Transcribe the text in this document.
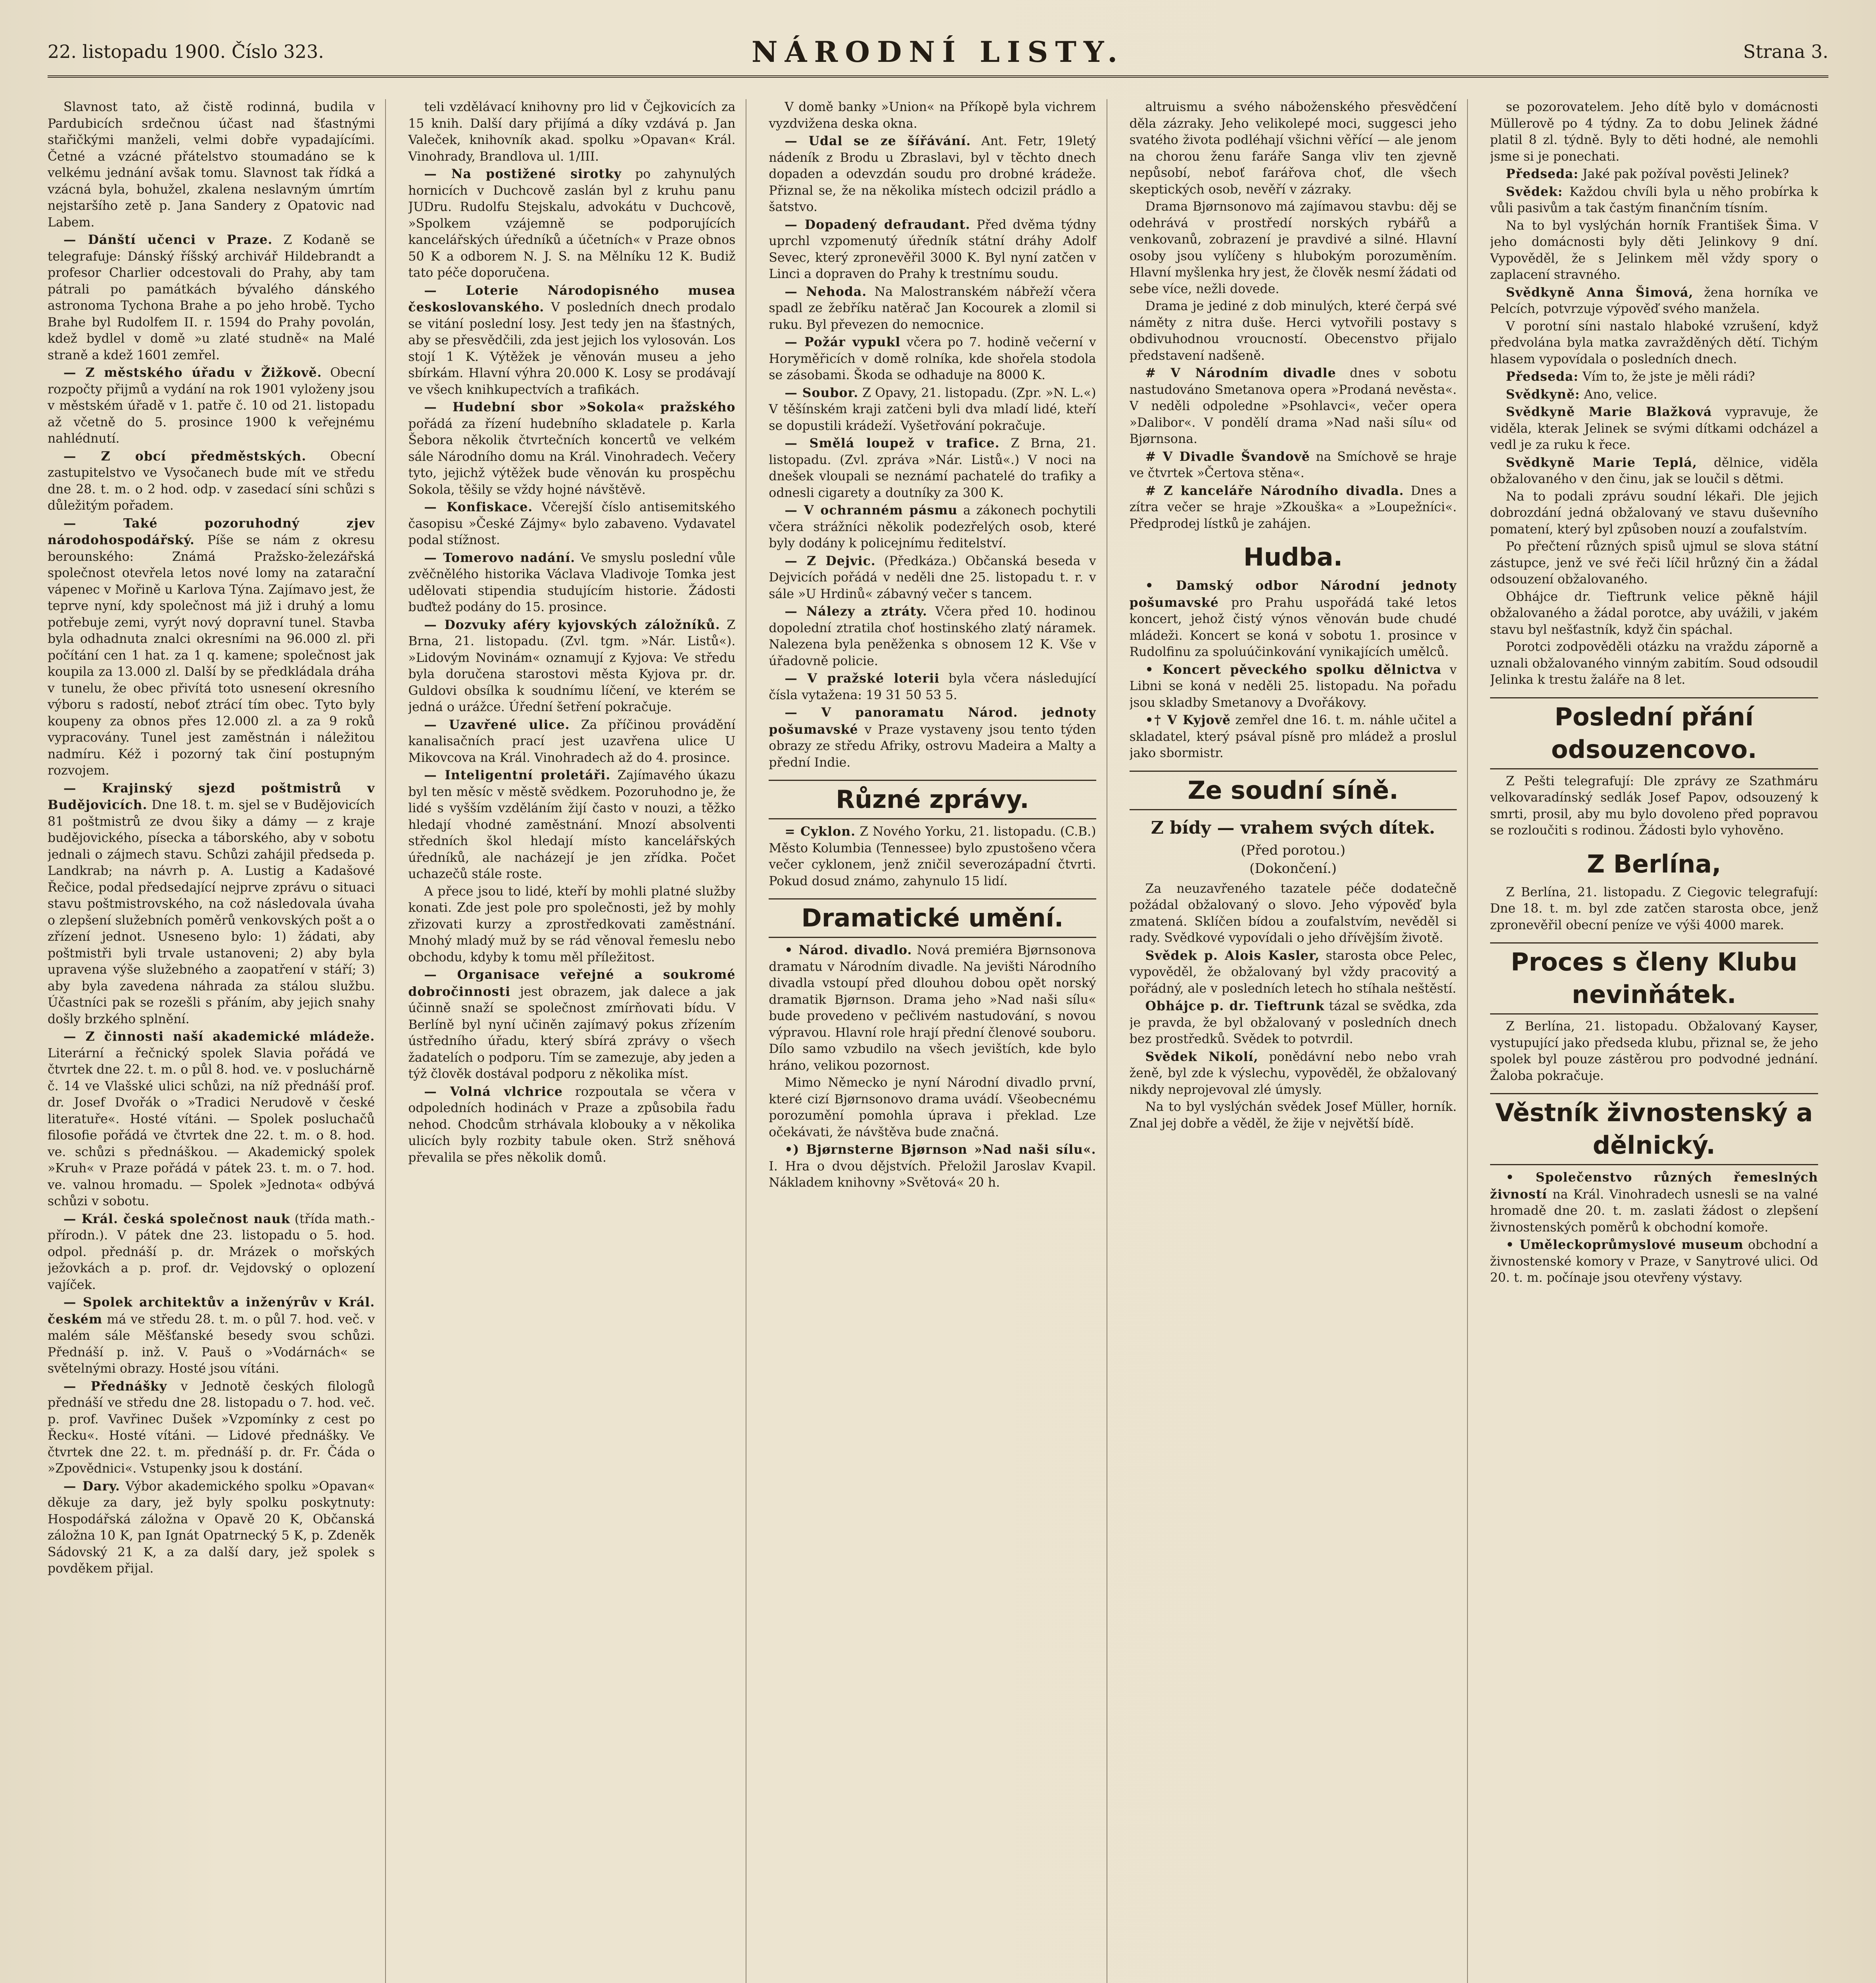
22. listopadu 1900. Číslo 323.	NÁRODNÍ LISTY.	Strana 3.

Slavnost tato, až čistě rodinná, budila v Pardubicích srdečnou účast nad šťastnými stařičkými manželi, velmi dobře vypadajícími. Četné a vzácné přátelstvo stoumadáno se k velkému jednání avšak tomu. Slavnost tak řídká a vzácná byla, bohužel, zkalena neslavným úmrtím nejstaršího zetě p. Jana Sandery z Opatovic nad Labem.

— Dánští učenci v Praze. Z Kodaně se telegrafuje: Dánský říšský archivář Hildebrandt a profesor Charlier odcestovali do Prahy, aby tam pátrali po památkách bývalého dánského astronoma Tychona Brahe a po jeho hrobě. Tycho Brahe byl Rudolfem II. r. 1594 do Prahy povolán, kdež bydlel v domě »u zlaté studně« na Malé straně a kdež 1601 zemřel.

— Z městského úřadu v Žižkově. Obecní rozpočty přijmů a vydání na rok 1901 vyloženy jsou v městském úřadě v 1. patře č. 10 od 21. listopadu až včetně do 5. prosince 1900 k veřejnému nahlédnutí.

— Z obcí předměstských. Obecní zastupitelstvo ve Vysočanech bude mít ve středu dne 28. t. m. o 2 hod. odp. v zasedací síni schůzi s důležitým pořadem.

— Také pozoruhodný zjev národohospodářský. Píše se nám z okresu berounského: Známá Pražsko-železářská společnost otevřela letos nové lomy na zatarační vápenec v Mořině u Karlova Týna. Zajímavo jest, že teprve nyní, kdy společnost má již i druhý a lomu potřebuje zemi, vyrýt nový dopravní tunel. Stavba byla odhadnuta znalci okresními na 96.000 zl. při počítání cen 1 hat. za 1 q. kamene; společnost jak koupila za 13.000 zl. Další by se předkládala dráha v tunelu, že obec přivítá toto usnesení okresního výboru s radostí, neboť ztrácí tím obec. Tyto byly koupeny za obnos přes 12.000 zl. a za 9 roků vypracovány. Tunel jest zaměstnán i náležitou nadmíru. Kéž i pozorný tak činí postupným rozvojem.

— Krajinský sjezd poštmistrů v Budějovicích. Dne 18. t. m. sjel se v Budějovicích 81 poštmistrů ze dvou šiky a dámy — z kraje budějovického, písecka a táborského, aby v sobotu jednali o zájmech stavu. Schůzi zahájil předseda p. Landkrab; na návrh p. A. Lustig a Kadašové Řečice, podal předsedající nejprve zprávu o situaci stavu poštmistrovského, na což následovala úvaha o zlepšení služebních poměrů venkovských pošt a o zřízení jednot. Usneseno bylo: 1) žádati, aby poštmistři byli trvale ustanoveni; 2) aby byla upravena výše služebného a zaopatření v stáří; 3) aby byla zavedena náhrada za stálou službu. Účastníci pak se rozešli s přáním, aby jejich snahy došly brzkého splnění.

— Z činnosti naší akademické mládeže. Literární a řečnický spolek Slavia pořádá ve čtvrtek dne 22. t. m. o půl 8. hod. ve. v posluchárně č. 14 ve Vlašské ulici schůzi, na níž přednáší prof. dr. Josef Dvořák o »Tradici Nerudově v české literatuře«. Hosté vítáni. — Spolek posluchačů filosofie pořádá ve čtvrtek dne 22. t. m. o 8. hod. ve. schůzi s přednáškou. — Akademický spolek »Kruh« v Praze pořádá v pátek 23. t. m. o 7. hod. ve. valnou hromadu. — Spolek »Jednota« odbývá schůzi v sobotu.

— Král. česká společnost nauk (třída math.-přírodn.). V pátek dne 23. listopadu o 5. hod. odpol. přednáší p. dr. Mrázek o mořských ježovkách a p. prof. dr. Vejdovský o oplození vajíček.

— Spolek architektův a inženýrův v Král. českém má ve středu 28. t. m. o půl 7. hod. več. v malém sále Měšťanské besedy svou schůzi. Přednáší p. inž. V. Pauš o »Vodárnách« se světelnými obrazy. Hosté jsou vítáni.

— Přednášky v Jednotě českých filologů přednáší ve středu dne 28. listopadu o 7. hod. več. p. prof. Vavřinec Dušek »Vzpomínky z cest po Řecku«. Hosté vítáni. — Lidové přednášky. Ve čtvrtek dne 22. t. m. přednáší p. dr. Fr. Čáda o »Zpovědnici«. Vstupenky jsou k dostání.

— Dary. Výbor akademického spolku »Opavan« děkuje za dary, jež byly spolku poskytnuty: Hospodářská záložna v Opavě 20 K, Občanská záložna 10 K, pan Ignát Opatrnecký 5 K, p. Zdeněk Sádovský 21 K, a za další dary, jež spolek s povděkem přijal.

teli vzdělávací knihovny pro lid v Čejkovicích za 15 knih. Další dary přijímá a díky vzdává p. Jan Valeček, knihovník akad. spolku »Opavan« Král. Vinohrady, Brandlova ul. 1/III.

— Na postižené sirotky po zahynulých hornicích v Duchcově zaslán byl z kruhu panu JUDru. Rudolfu Stejskalu, advokátu v Duchcově, »Spolkem vzájemně se podporujících kancelářských úředníků a účetních« v Praze obnos 50 K a odborem N. J. S. na Mělníku 12 K. Budiž tato péče doporučena.

— Loterie Národopisného musea českoslovanského. V posledních dnech prodalo se vitání poslední losy. Jest tedy jen na šťastných, aby se přesvědčili, zda jest jejich los vylosován. Los stojí 1 K. Výtěžek je věnován museu a jeho sbírkám. Hlavní výhra 20.000 K. Losy se prodávají ve všech knihkupectvích a trafikách.

— Hudební sbor »Sokola« pražského pořádá za řízení hudebního skladatele p. Karla Šebora několik čtvrtečních koncertů ve velkém sále Národního domu na Král. Vinohradech. Večery tyto, jejichž výtěžek bude věnován ku prospěchu Sokola, těšily se vždy hojné návštěvě.

— Konfiskace. Včerejší číslo antisemitského časopisu »České Zájmy« bylo zabaveno. Vydavatel podal stížnost.

— Tomerovo nadání. Ve smyslu poslední vůle zvěčnělého historika Václava Vladivoje Tomka jest udělovati stipendia studujícím historie. Žádosti buďtež podány do 15. prosince.

— Dozvuky aféry kyjovských záložníků. Z Brna, 21. listopadu. (Zvl. tgm. »Nár. Listů«). »Lidovým Novinám« oznamují z Kyjova: Ve středu byla doručena starostovi města Kyjova pr. dr. Guldovi obsílka k soudnímu líčení, ve kterém se jedná o urážce. Úřední šetření pokračuje.

— Uzavřené ulice. Za příčinou provádění kanalisačních prací jest uzavřena ulice U Mikovcova na Král. Vinohradech až do 4. prosince.

— Inteligentní proletáři. Zajímavého úkazu byl ten měsíc v městě svědkem. Pozoruhodno je, že lidé s vyšším vzděláním žijí často v nouzi, a těžko hledají vhodné zaměstnání. Mnozí absolventi středních škol hledají místo kancelářských úředníků, ale nacházejí je jen zřídka. Počet uchazečů stále roste.

A přece jsou to lidé, kteří by mohli platné služby konati. Zde jest pole pro společnosti, jež by mohly zřizovati kurzy a zprostředkovati zaměstnání. Mnohý mladý muž by se rád věnoval řemeslu nebo obchodu, kdyby k tomu měl příležitost.

— Organisace veřejné a soukromé dobročinnosti jest obrazem, jak dalece a jak účinně snaží se společnost zmírňovati bídu. V Berlíně byl nyní učiněn zajímavý pokus zřízením ústředního úřadu, který sbírá zprávy o všech žadatelích o podporu. Tím se zamezuje, aby jeden a týž člověk dostával podporu z několika míst.

— Volná vlchrice rozpoutala se včera v odpoledních hodinách v Praze a způsobila řadu nehod. Chodcům strhávala klobouky a v několika ulicích byly rozbity tabule oken. Strž sněhová převalila se přes několik domů.

V domě banky »Union« na Příkopě byla vichrem vyzdvižena deska okna.

— Udal se ze šířávání. Ant. Fetr, 19letý nádeník z Brodu u Zbraslavi, byl v těchto dnech dopaden a odevzdán soudu pro drobné krádeže. Přiznal se, že na několika místech odcizil prádlo a šatstvo.

— Dopadený defraudant. Před dvěma týdny uprchl vzpomenutý úředník státní dráhy Adolf Sevec, který zpronevěřil 3000 K. Byl nyní zatčen v Linci a dopraven do Prahy k trestnímu soudu.

— Nehoda. Na Malostranském nábřeží včera spadl ze žebříku natěrač Jan Kocourek a zlomil si ruku. Byl převezen do nemocnice.

— Požár vypukl včera po 7. hodině večerní v Horyměřicích v domě rolníka, kde shořela stodola se zásobami. Škoda se odhaduje na 8000 K.

— Soubor. Z Opavy, 21. listopadu. (Zpr. »N. L.«) V těšínském kraji zatčeni byli dva mladí lidé, kteří se dopustili krádeží. Vyšetřování pokračuje.

— Smělá loupež v trafice. Z Brna, 21. listopadu. (Zvl. zpráva »Nár. Listů«.) V noci na dnešek vloupali se neznámí pachatelé do trafiky a odnesli cigarety a doutníky za 300 K.

— V ochranném pásmu a zákonech pochytili včera strážníci několik podezřelých osob, které byly dodány k policejnímu ředitelství.

— Z Dejvic. (Předkáza.) Občanská beseda v Dejvicích pořádá v neděli dne 25. listopadu t. r. v sále »U Hrdinů« zábavný večer s tancem.

— Nálezy a ztráty. Včera před 10. hodinou dopolední ztratila choť hostinského zlatý náramek. Nalezena byla peněženka s obnosem 12 K. Vše v úřadovně policie.

— V pražské loterii byla včera následující čísla vytažena: 19 31 50 53 5.

— V panoramatu Národ. jednoty pošumavské v Praze vystaveny jsou tento týden obrazy ze středu Afriky, ostrovu Madeira a Malty a přední Indie.

Různé zprávy.

= Cyklon. Z Nového Yorku, 21. listopadu. (C.B.) Město Kolumbia (Tennessee) bylo zpustošeno včera večer cyklonem, jenž zničil severozápadní čtvrti. Pokud dosud známo, zahynulo 15 lidí.

Dramatické umění.

• Národ. divadlo. Nová premiéra Bjørnsonova dramatu v Národním divadle. Na jevišti Národního divadla vstoupí před dlouhou dobou opět norský dramatik Bjørnson. Drama jeho »Nad naši sílu« bude provedeno v pečlivém nastudování, s novou výpravou. Hlavní role hrají přední členové souboru. Dílo samo vzbudilo na všech jevištích, kde bylo hráno, velikou pozornost.

Mimo Německo je nyní Národní divadlo první, které cizí Bjørnsonovo drama uvádí. Všeobecnému porozumění pomohla úprava i překlad. Lze očekávati, že návštěva bude značná.

•) Bjørnsterne Bjørnson »Nad naši sílu«. I. Hra o dvou dějstvích. Přeložil Jaroslav Kvapil. Nákladem knihovny »Světová« 20 h.

altruismu a svého náboženského přesvědčení děla zázraky. Jeho velikolepé moci, suggesci jeho svatého života podléhají všichni věřící — ale jenom na chorou ženu faráře Sanga vliv ten zjevně nepůsobí, neboť farářova choť, dle všech skeptických osob, nevěří v zázraky.

Drama Bjørnsonovo má zajímavou stavbu: děj se odehrává v prostředí norských rybářů a venkovanů, zobrazení je pravdivé a silné. Hlavní osoby jsou vylíčeny s hlubokým porozuměním. Hlavní myšlenka hry jest, že člověk nesmí žádati od sebe více, nežli dovede.

Drama je jediné z dob minulých, které čerpá své náměty z nitra duše. Herci vytvořili postavy s obdivuhodnou vroucností. Obecenstvo přijalo představení nadšeně.

# V Národním divadle dnes v sobotu nastudováno Smetanova opera »Prodaná nevěsta«. V neděli odpoledne »Psohlavci«, večer opera »Dalibor«. V pondělí drama »Nad naši sílu« od Bjørnsona.

# V Divadle Švandově na Smíchově se hraje ve čtvrtek »Čertova stěna«.

# Z kanceláře Národního divadla. Dnes a zítra večer se hraje »Zkouška« a »Loupežníci«. Předprodej lístků je zahájen.

Hudba.

• Damský odbor Národní jednoty pošumavské pro Prahu uspořádá také letos koncert, jehož čistý výnos věnován bude chudé mládeži. Koncert se koná v sobotu 1. prosince v Rudolfinu za spoluúčinkování vynikajících umělců.

• Koncert pěveckého spolku dělnictva v Libni se koná v neděli 25. listopadu. Na pořadu jsou skladby Smetanovy a Dvořákovy.

•† V Kyjově zemřel dne 16. t. m. náhle učitel a skladatel, který psával písně pro mládež a proslul jako sbormistr.

Ze soudní síně.
Z bídy — vrahem svých dítek.
(Před porotou.)
(Dokončení.)

Za neuzavřeného tazatele péče dodatečně požádal obžalovaný o slovo. Jeho výpověď byla zmatená. Sklíčen bídou a zoufalstvím, nevěděl si rady. Svědkové vypovídali o jeho dřívějším životě.

Svědek p. Alois Kasler, starosta obce Pelec, vypověděl, že obžalovaný byl vždy pracovitý a pořádný, ale v posledních letech ho stíhala neštěstí.

Obhájce p. dr. Tieftrunk tázal se svědka, zda je pravda, že byl obžalovaný v posledních dnech bez prostředků. Svědek to potvrdil.

Svědek Nikolí, ponědávní nebo nebo vrah ženě, byl zde k výslechu, vypověděl, že obžalovaný nikdy neprojevoval zlé úmysly.

Na to byl vyslýchán svědek Josef Müller, horník. Znal jej dobře a věděl, že žije v největší bídě.

se pozorovatelem. Jeho dítě bylo v domácnosti Müllerově po 4 týdny. Za to dobu Jelinek žádné platil 8 zl. týdně. Byly to děti hodné, ale nemohli jsme si je ponechati.

Předseda: Jaké pak požíval pověsti Jelinek?

Svědek: Každou chvíli byla u něho probírka k vůli pasivům a tak častým finančním tísním.

Na to byl vyslýchán horník František Šima. V jeho domácnosti byly děti Jelinkovy 9 dní. Vypověděl, že s Jelinkem měl vždy spory o zaplacení stravného.

Svědkyně Anna Šimová, žena horníka ve Pelcích, potvrzuje výpověď svého manžela.

V porotní síni nastalo hlaboké vzrušení, když předvolána byla matka zavražděných dětí. Tichým hlasem vypovídala o posledních dnech.

Předseda: Vím to, že jste je měli rádi?

Svědkyně: Ano, velice.

Svědkyně Marie Blažková vypravuje, že viděla, kterak Jelinek se svými dítkami odcházel a vedl je za ruku k řece.

Svědkyně Marie Teplá, dělnice, viděla obžalovaného v den činu, jak se loučil s dětmi.

Na to podali zprávu soudní lékaři. Dle jejich dobrozdání jedná obžalovaný ve stavu duševního pomatení, který byl způsoben nouzí a zoufalstvím.

Po přečtení různých spisů ujmul se slova státní zástupce, jenž ve své řeči líčil hrůzný čin a žádal odsouzení obžalovaného.

Obhájce dr. Tieftrunk velice pěkně hájil obžalovaného a žádal porotce, aby uvážili, v jakém stavu byl nešťastník, když čin spáchal.

Porotci zodpověděli otázku na vraždu záporně a uznali obžalovaného vinným zabitím. Soud odsoudil Jelinka k trestu žaláře na 8 let.

Poslední přání odsouzencovo.

Z Pešti telegrafují: Dle zprávy ze Szathmáru velkovaradínský sedlák Josef Papov, odsouzený k smrti, prosil, aby mu bylo dovoleno před popravou se rozloučiti s rodinou. Žádosti bylo vyhověno.

Z Berlína,

Z Berlína, 21. listopadu. Z Ciegovic telegrafují: Dne 18. t. m. byl zde zatčen starosta obce, jenž zpronevěřil obecní peníze ve výši 4000 marek.

Proces s členy Klubu nevinňátek.

Z Berlína, 21. listopadu. Obžalovaný Kayser, vystupující jako předseda klubu, přiznal se, že jeho spolek byl pouze zástěrou pro podvodné jednání. Žaloba pokračuje.

Věstník živnostenský a dělnický.

• Společenstvo různých řemeslných živností na Král. Vinohradech usnesli se na valné hromadě dne 20. t. m. zaslati žádost o zlepšení živnostenských poměrů k obchodní komoře.

• Uměleckoprůmyslové museum obchodní a živnostenské komory v Praze, v Sanytrové ulici. Od 20. t. m. počínaje jsou otevřeny výstavy.
